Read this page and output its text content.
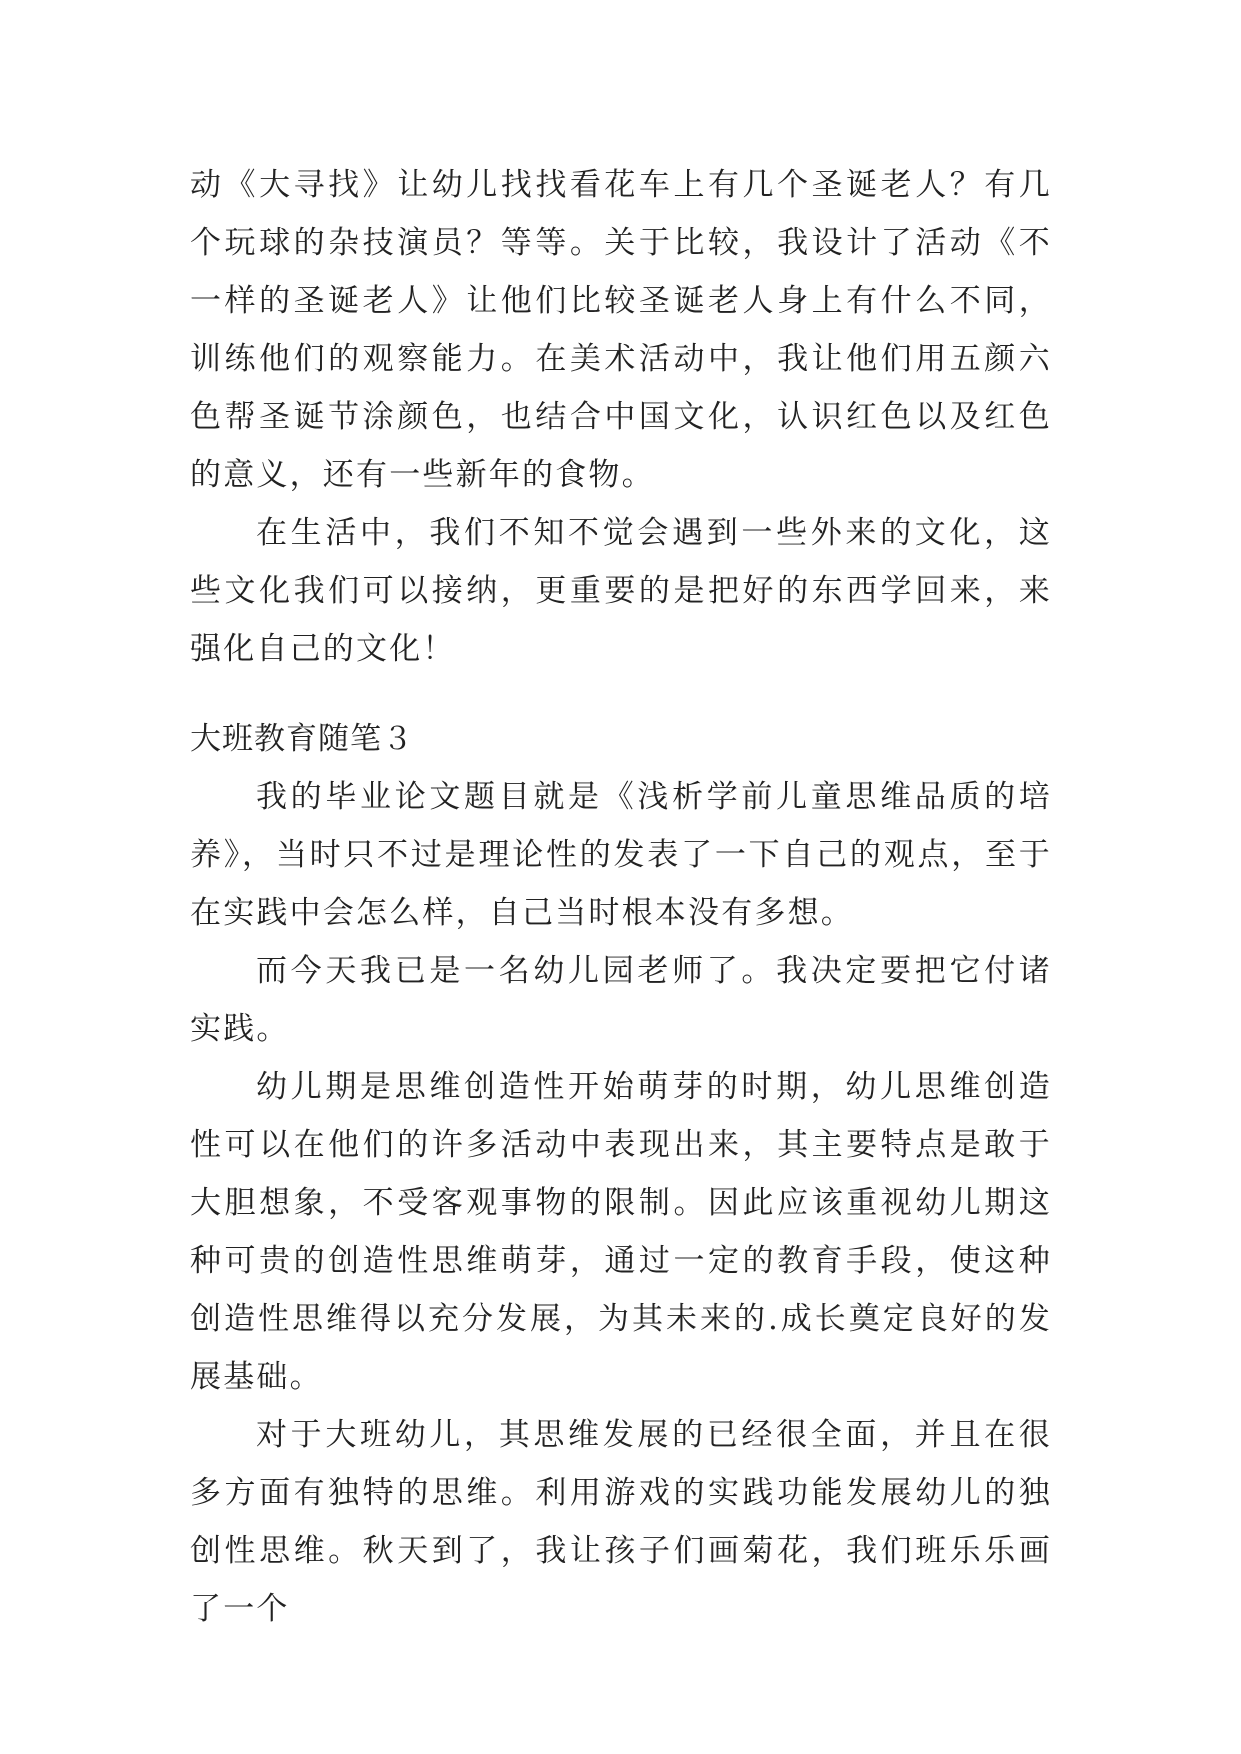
动《大寻找》让幼儿找找看花车上有几个圣诞老人？有几个玩球的杂技演员？等等。关于比较，我设计了活动《不一样的圣诞老人》让他们比较圣诞老人身上有什么不同，训练他们的观察能力。在美术活动中，我让他们用五颜六色帮圣诞节涂颜色，也结合中国文化，认识红色以及红色的意义，还有一些新年的食物。

在生活中，我们不知不觉会遇到一些外来的文化，这些文化我们可以接纳，更重要的是把好的东西学回来，来强化自己的文化！

大班教育随笔３

我的毕业论文题目就是《浅析学前儿童思维品质的培养》，当时只不过是理论性的发表了一下自己的观点，至于在实践中会怎么样，自己当时根本没有多想。

而今天我已是一名幼儿园老师了。我决定要把它付诸实践。

幼儿期是思维创造性开始萌芽的时期，幼儿思维创造性可以在他们的许多活动中表现出来，其主要特点是敢于大胆想象，不受客观事物的限制。因此应该重视幼儿期这种可贵的创造性思维萌芽，通过一定的教育手段，使这种创造性思维得以充分发展，为其未来的.成长奠定良好的发展基础。

对于大班幼儿，其思维发展的已经很全面，并且在很多方面有独特的思维。利用游戏的实践功能发展幼儿的独创性思维。秋天到了，我让孩子们画菊花，我们班乐乐画了一个
